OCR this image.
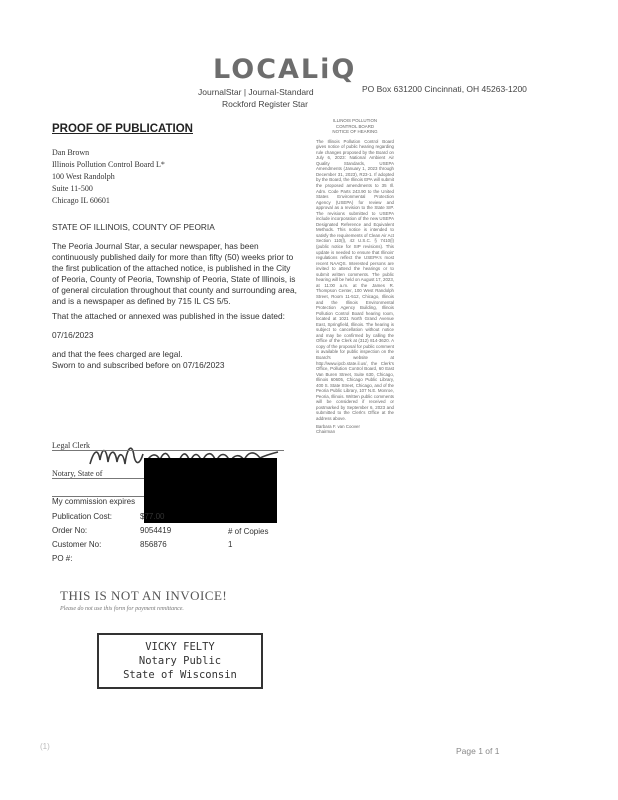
LOCALiQ
JournalStar | Journal-Standard
Rockford Register Star
PO Box 631200 Cincinnati, OH 45263-1200
PROOF OF PUBLICATION
Dan Brown
Illinois Pollution Control Board L*
100 West Randolph
Suite 11-500
Chicago IL 60601
STATE OF ILLINOIS, COUNTY OF PEORIA
The Peoria Journal Star, a secular newspaper, has been
continuously published daily for more than fifty (50) weeks prior to
the first publication of the attached notice, is published in the City
of Peoria, County of Peoria, Township of Peoria, State of Illinois, is
of general circulation throughout that county and surrounding area,
and is a newspaper as defined by 715 IL CS 5/5.
That the attached or annexed was published in the issue dated:
07/16/2023
and that the fees charged are legal.
Sworn to and subscribed before on 07/16/2023
Legal Clerk
Notary, State of
My commission expires
Publication Cost:	$77.00
Order No:	9054419	# of Copies
Customer No:	856876	1
PO #:
THIS IS NOT AN INVOICE!
Please do not use this form for payment remittance.
VICKY FELTY
Notary Public
State of Wisconsin
(1)	Page 1 of 1
ILLINOIS POLLUTION
CONTROL BOARD
NOTICE OF HEARING
The Illinois Pollution Control Board gives notice of public hearing regarding rule changes proposed by the Board on July 6, 2023: National Ambient Air Quality Standards, USEPA Amendments (January 1, 2023 through December 31, 2023), R23-1. If adopted by the Board, the Illinois EPA will submit the proposed amendments to 35 Ill. Adm. Code Parts 243.90 to the United States Environmental Protection Agency (USEPA) for review and approval as a revision to the State SIP. The revisions submitted to USEPA include incorporation of the new USEPA Designated Reference and Equivalent Methods. This notice is intended to satisfy the requirements of Clean Air Act Section 110(l), 42 U.S.C. § 7410(l) (public notice for SIP revisions). This update is needed to ensure that Illinois' regulations reflect the USEPA's most recent NAAQS. Interested persons are invited to attend the hearings or to submit written comments. The public hearing will be held on August 17, 2023, at 11:00 a.m. at the James R. Thompson Center, 100 West Randolph Street, Room 11-512, Chicago, Illinois and the Illinois Environmental Protection Agency Building, Illinois Pollution Control Board hearing room, located at 1021 North Grand Avenue East, Springfield, Illinois. The hearing is subject to cancellation without notice and may be confirmed by calling the Office of the Clerk at (312) 814-3620. A copy of the proposal for public comment is available for public inspection on the Board's website at http://www.ipcb.state.il.us/, the Clerk's Office, Pollution Control Board, 60 East Van Buren Street, Suite 630, Chicago, Illinois 60605, Chicago Public Library, 400 S. State Street, Chicago, and of the Peoria Public Library, 107 N.E. Monroe, Peoria, Illinois. Written public comments will be considered if received or postmarked by September 6, 2023 and submitted to the Clerk's Office at the address above.
Barbara F. van Coover
Chairman
